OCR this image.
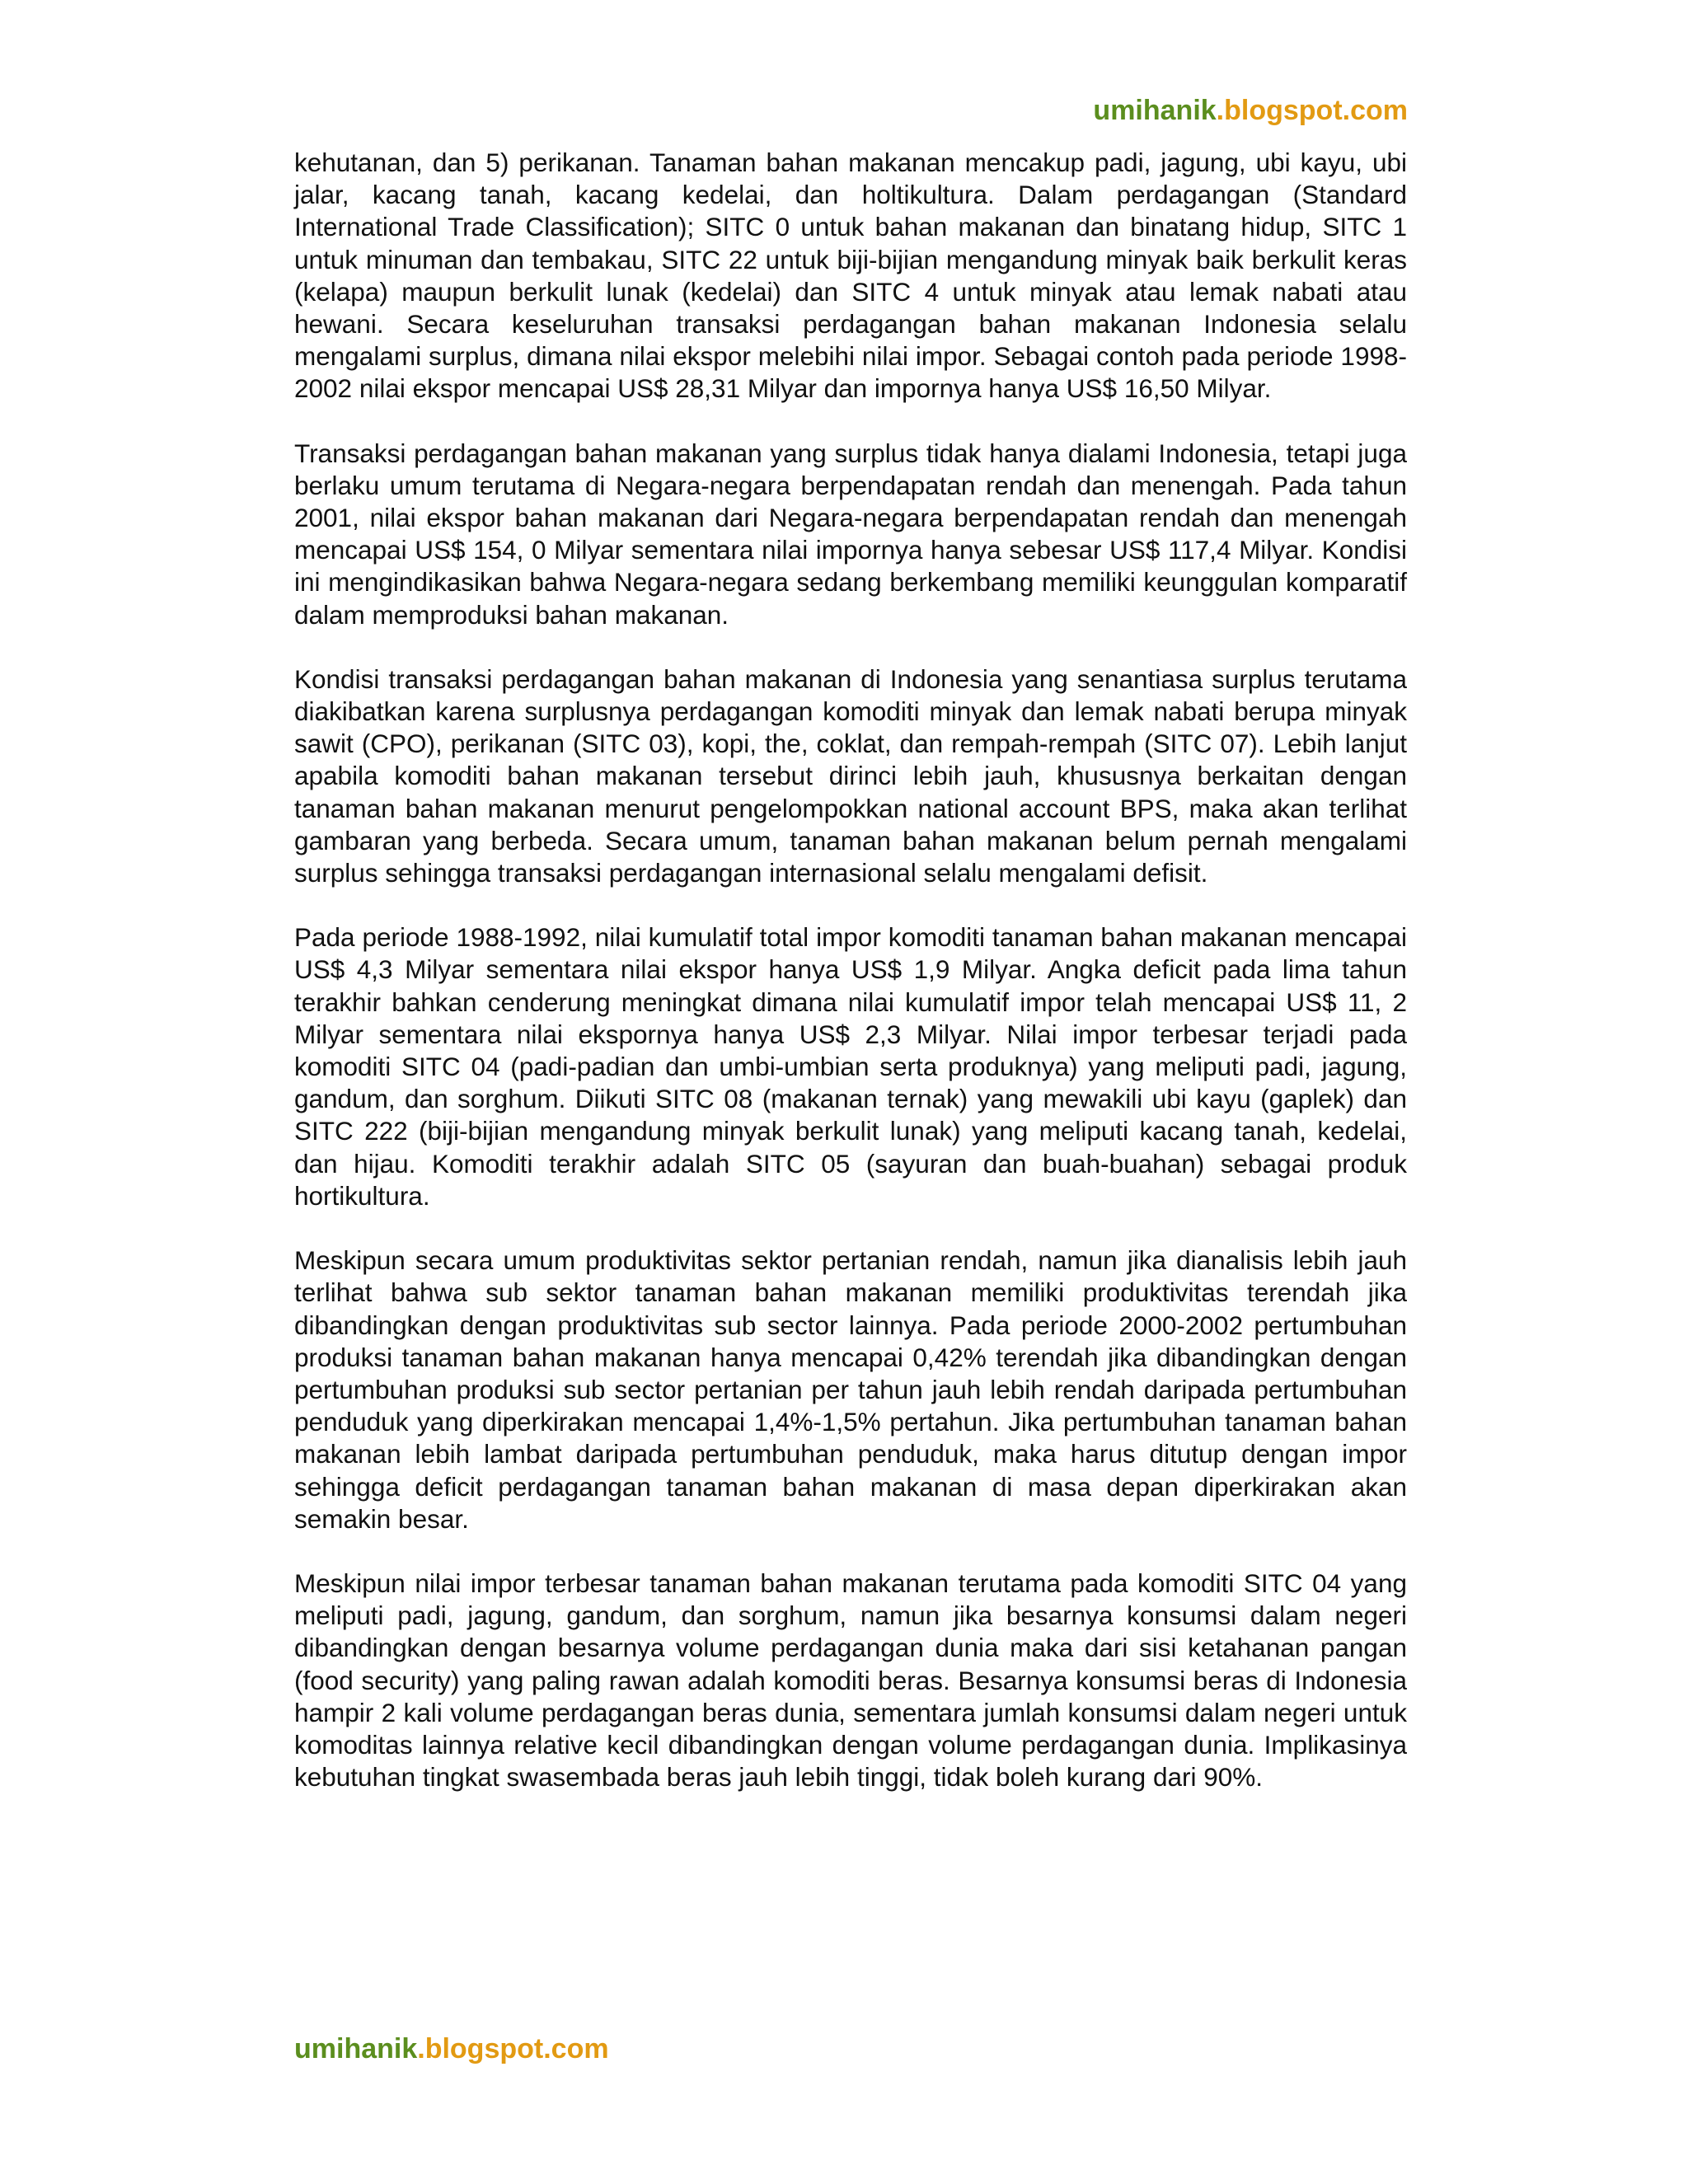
umihanik.blogspot.com

kehutanan, dan 5) perikanan. Tanaman bahan makanan mencakup padi, jagung, ubi kayu, ubi jalar, kacang tanah, kacang kedelai, dan holtikultura. Dalam perdagangan (Standard International Trade Classification); SITC 0 untuk bahan makanan dan binatang hidup, SITC 1 untuk minuman dan tembakau, SITC 22 untuk biji-bijian mengandung minyak baik berkulit keras (kelapa) maupun berkulit lunak (kedelai) dan SITC 4 untuk minyak atau lemak nabati atau hewani. Secara keseluruhan transaksi perdagangan bahan makanan Indonesia selalu mengalami surplus, dimana nilai ekspor melebihi nilai impor. Sebagai contoh pada periode 1998-2002 nilai ekspor mencapai US$ 28,31 Milyar dan impornya hanya US$ 16,50 Milyar.

Transaksi perdagangan bahan makanan yang surplus tidak hanya dialami Indonesia, tetapi juga berlaku umum terutama di Negara-negara berpendapatan rendah dan menengah. Pada tahun 2001, nilai ekspor bahan makanan dari Negara-negara berpendapatan rendah dan menengah mencapai US$ 154, 0 Milyar sementara nilai impornya hanya sebesar US$ 117,4 Milyar. Kondisi ini mengindikasikan bahwa Negara-negara sedang berkembang memiliki keunggulan komparatif dalam memproduksi bahan makanan.

Kondisi transaksi perdagangan bahan makanan di Indonesia yang senantiasa surplus terutama diakibatkan karena surplusnya perdagangan komoditi minyak dan lemak nabati berupa minyak sawit (CPO), perikanan (SITC 03), kopi, the, coklat, dan rempah-rempah (SITC 07). Lebih lanjut apabila komoditi bahan makanan tersebut dirinci lebih jauh, khususnya berkaitan dengan tanaman bahan makanan menurut pengelompokkan national account BPS, maka akan terlihat gambaran yang berbeda. Secara umum, tanaman bahan makanan belum pernah mengalami surplus sehingga transaksi perdagangan internasional selalu mengalami defisit.

Pada periode 1988-1992, nilai kumulatif total impor komoditi tanaman bahan makanan mencapai US$ 4,3 Milyar sementara nilai ekspor hanya US$ 1,9 Milyar. Angka deficit pada lima tahun terakhir bahkan cenderung meningkat dimana nilai kumulatif impor telah mencapai US$ 11, 2 Milyar sementara nilai ekspornya hanya US$ 2,3 Milyar. Nilai impor terbesar terjadi pada komoditi SITC 04 (padi-padian dan umbi-umbian serta produknya) yang meliputi padi, jagung, gandum, dan sorghum. Diikuti SITC 08 (makanan ternak) yang mewakili ubi kayu (gaplek) dan SITC 222 (biji-bijian mengandung minyak berkulit lunak) yang meliputi kacang tanah, kedelai, dan hijau. Komoditi terakhir adalah SITC 05 (sayuran dan buah-buahan) sebagai produk hortikultura.

Meskipun secara umum produktivitas sektor pertanian rendah, namun jika dianalisis lebih jauh terlihat bahwa sub sektor tanaman bahan makanan memiliki produktivitas terendah jika dibandingkan dengan produktivitas sub sector lainnya. Pada periode 2000-2002 pertumbuhan produksi tanaman bahan makanan hanya mencapai 0,42% terendah jika dibandingkan dengan pertumbuhan produksi sub sector pertanian per tahun jauh lebih rendah daripada pertumbuhan penduduk yang diperkirakan mencapai 1,4%-1,5% pertahun. Jika pertumbuhan tanaman bahan makanan lebih lambat daripada pertumbuhan penduduk, maka harus ditutup dengan impor sehingga deficit perdagangan tanaman bahan makanan di masa depan diperkirakan akan semakin besar.

Meskipun nilai impor terbesar tanaman bahan makanan terutama pada komoditi SITC 04 yang meliputi padi, jagung, gandum, dan sorghum, namun jika besarnya konsumsi dalam negeri dibandingkan dengan besarnya volume perdagangan dunia maka dari sisi ketahanan pangan (food security) yang paling rawan adalah komoditi beras. Besarnya konsumsi beras di Indonesia hampir 2 kali volume perdagangan beras dunia, sementara jumlah konsumsi dalam negeri untuk komoditas lainnya relative kecil dibandingkan dengan volume perdagangan dunia. Implikasinya kebutuhan tingkat swasembada beras jauh lebih tinggi, tidak boleh kurang dari 90%.

umihanik.blogspot.com
